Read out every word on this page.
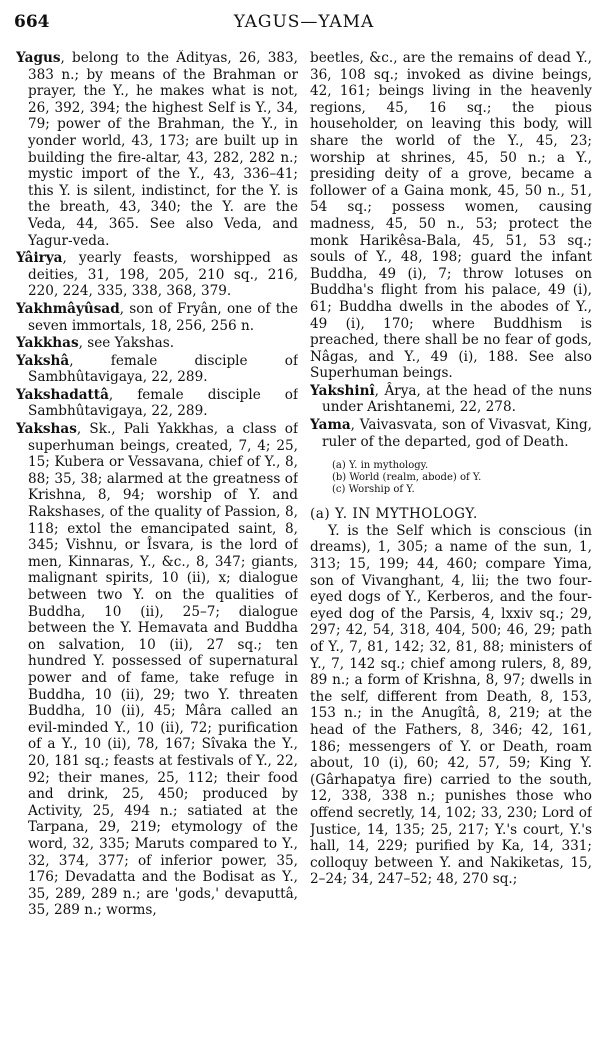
664	YAGUS—YAMA

Yagus, belong to the Âdityas, 26, 383, 383 n.; by means of the Brahman or prayer, the Y., he makes what is not, 26, 392, 394; the highest Self is Y., 34, 79; power of the Brahman, the Y., in yonder world, 43, 173; are built up in building the fire-altar, 43, 282, 282 n.; mystic import of the Y., 43, 336–41; this Y. is silent, indistinct, for the Y. is the breath, 43, 340; the Y. are the Veda, 44, 365. See also Veda, and Yagur-veda.

Yâirya, yearly feasts, worshipped as deities, 31, 198, 205, 210 sq., 216, 220, 224, 335, 338, 368, 379.

Yakhmâyûsad, son of Fryân, one of the seven immortals, 18, 256, 256 n.

Yakkhas, see Yakshas.

Yakshâ, female disciple of Sambhûtavigaya, 22, 289.

Yakshadattâ, female disciple of Sambhûtavigaya, 22, 289.

Yakshas, Sk., Pali Yakkhas, a class of superhuman beings, created, 7, 4; 25, 15; Kubera or Vessavana, chief of Y., 8, 88; 35, 38; alarmed at the greatness of Krishna, 8, 94; worship of Y. and Rakshases, of the quality of Passion, 8, 118; extol the emancipated saint, 8, 345; Vishnu, or Îsvara, is the lord of men, Kinnaras, Y., &c., 8, 347; giants, malignant spirits, 10 (ii), x; dialogue between two Y. on the qualities of Buddha, 10 (ii), 25–7; dialogue between the Y. Hemavata and Buddha on salvation, 10 (ii), 27 sq.; ten hundred Y. possessed of supernatural power and of fame, take refuge in Buddha, 10 (ii), 29; two Y. threaten Buddha, 10 (ii), 45; Mâra called an evil-minded Y., 10 (ii), 72; purification of a Y., 10 (ii), 78, 167; Sîvaka the Y., 20, 181 sq.; feasts at festivals of Y., 22, 92; their manes, 25, 112; their food and drink, 25, 450; produced by Activity, 25, 494 n.; satiated at the Tarpana, 29, 219; etymology of the word, 32, 335; Maruts compared to Y., 32, 374, 377; of inferior power, 35, 176; Devadatta and the Bodisat as Y., 35, 289, 289 n.; are 'gods,' devaputtâ, 35, 289 n.; worms,

beetles, &c., are the remains of dead Y., 36, 108 sq.; invoked as divine beings, 42, 161; beings living in the heavenly regions, 45, 16 sq.; the pious householder, on leaving this body, will share the world of the Y., 45, 23; worship at shrines, 45, 50 n.; a Y., presiding deity of a grove, became a follower of a Gaina monk, 45, 50 n., 51, 54 sq.; possess women, causing madness, 45, 50 n., 53; protect the monk Harikêsa-Bala, 45, 51, 53 sq.; souls of Y., 48, 198; guard the infant Buddha, 49 (i), 7; throw lotuses on Buddha's flight from his palace, 49 (i), 61; Buddha dwells in the abodes of Y., 49 (i), 170; where Buddhism is preached, there shall be no fear of gods, Nâgas, and Y., 49 (i), 188. See also Superhuman beings.

Yakshinî, Ârya, at the head of the nuns under Arishtanemi, 22, 278.

Yama, Vaivasvata, son of Vivasvat, King, ruler of the departed, god of Death.

(a) Y. in mythology.
(b) World (realm, abode) of Y.
(c) Worship of Y.

(a) Y. IN MYTHOLOGY.

Y. is the Self which is conscious (in dreams), 1, 305; a name of the sun, 1, 313; 15, 199; 44, 460; compare Yima, son of Vivanghant, 4, lii; the two four-eyed dogs of Y., Kerberos, and the four-eyed dog of the Parsis, 4, lxxiv sq.; 29, 297; 42, 54, 318, 404, 500; 46, 29; path of Y., 7, 81, 142; 32, 81, 88; ministers of Y., 7, 142 sq.; chief among rulers, 8, 89, 89 n.; a form of Krishna, 8, 97; dwells in the self, different from Death, 8, 153, 153 n.; in the Anugîtâ, 8, 219; at the head of the Fathers, 8, 346; 42, 161, 186; messengers of Y. or Death, roam about, 10 (i), 60; 42, 57, 59; King Y. (Gârhapatya fire) carried to the south, 12, 338, 338 n.; punishes those who offend secretly, 14, 102; 33, 230; Lord of Justice, 14, 135; 25, 217; Y.'s court, Y.'s hall, 14, 229; purified by Ka, 14, 331; colloquy between Y. and Nakiketas, 15, 2–24; 34, 247–52; 48, 270 sq.;
